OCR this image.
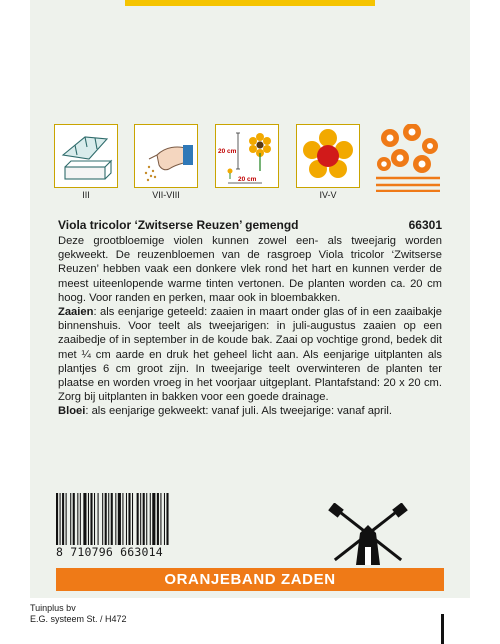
III	VII-VIII
20 cm
20 cm
IV-V
Viola tricolor ‘Zwitserse Reuzen’ gemengd	66301

Deze grootbloemige violen kunnen zowel een- als tweejarig worden gekweekt. De reuzenbloemen van de rasgroep Viola tricolor ‘Zwitserse Reuzen’ hebben vaak een donkere vlek rond het hart en kunnen verder de meest uiteenlopende warme tinten vertonen. De planten worden ca. 20 cm hoog. Voor randen en perken, maar ook in bloembakken.

Zaaien: als eenjarige geteeld: zaaien in maart onder glas of in een zaaibakje binnenshuis. Voor teelt als tweejarigen: in juli-augustus zaaien op een zaaibedje of in september in de koude bak. Zaai op vochtige grond, bedek dit met ¼ cm aarde en druk het geheel licht aan. Als eenjarige uitplanten als plantjes 6 cm groot zijn. In tweejarige teelt overwinteren de planten ter plaatse en worden vroeg in het voorjaar uitgeplant. Plantafstand: 20 x 20 cm. Zorg bij uitplanten in bakken voor een goede drainage.

Bloei: als eenjarige gekweekt: vanaf juli. Als tweejarige: vanaf april.

8 710796 663014
ORANJEBAND ZADEN
Tuinplus bv
E.G. systeem St. / H472
